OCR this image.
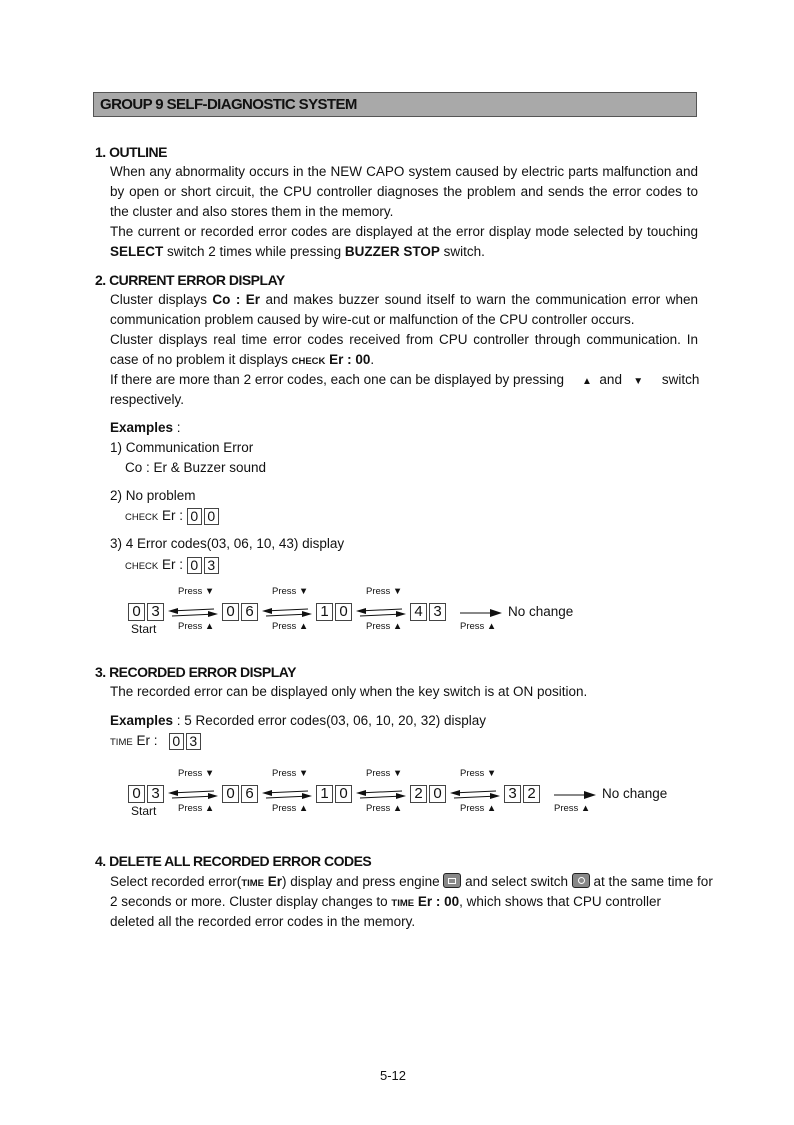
GROUP 9 SELF-DIAGNOSTIC SYSTEM
1. OUTLINE
When any abnormality occurs in the NEW CAPO system caused by electric parts malfunction and by open or short circuit, the CPU controller diagnoses the problem and sends the error codes to the cluster and also stores them in the memory.
The current or recorded error codes are displayed at the error display mode selected by touching SELECT switch 2 times while pressing BUZZER STOP switch.
2. CURRENT ERROR DISPLAY
Cluster displays Co : Er and makes buzzer sound itself to warn the communication error when communication problem caused by wire-cut or malfunction of the CPU controller occurs.
Cluster displays real time error codes received from CPU controller through communication. In case of no problem it displays CHECK Er : 00.
If there are more than 2 error codes, each one can be displayed by pressing ▲ and ▼ switch
respectively.
Examples :
1) Communication Error
Co : Er & Buzzer sound
2) No problem
CHECK Er : 0 0
3) 4 Error codes(03, 06, 10, 43) display
CHECK Er : 0 3
0 3	0 6	1 0	4 3
Press ▼	Press ▼	Press ▼
Press ▲	Press ▲	Press ▲	Press ▲
No change
Start
3. RECORDED ERROR DISPLAY
The recorded error can be displayed only when the key switch is at ON position.
Examples : 5 Recorded error codes(03, 06, 10, 20, 32) display
TIME Er : 0 3
0 3	0 6	1 0	2 0	3 2
Press ▼	Press ▼	Press ▼	Press ▼
Press ▲	Press ▲	Press ▲	Press ▲	Press ▲
No change
Start
4. DELETE ALL RECORDED ERROR CODES
Select recorded error(TIME Er) display and press engine and select switch at the same time for
2 seconds or more. Cluster display changes to TIME Er : 00, which shows that CPU controller
deleted all the recorded error codes in the memory.
5-12
